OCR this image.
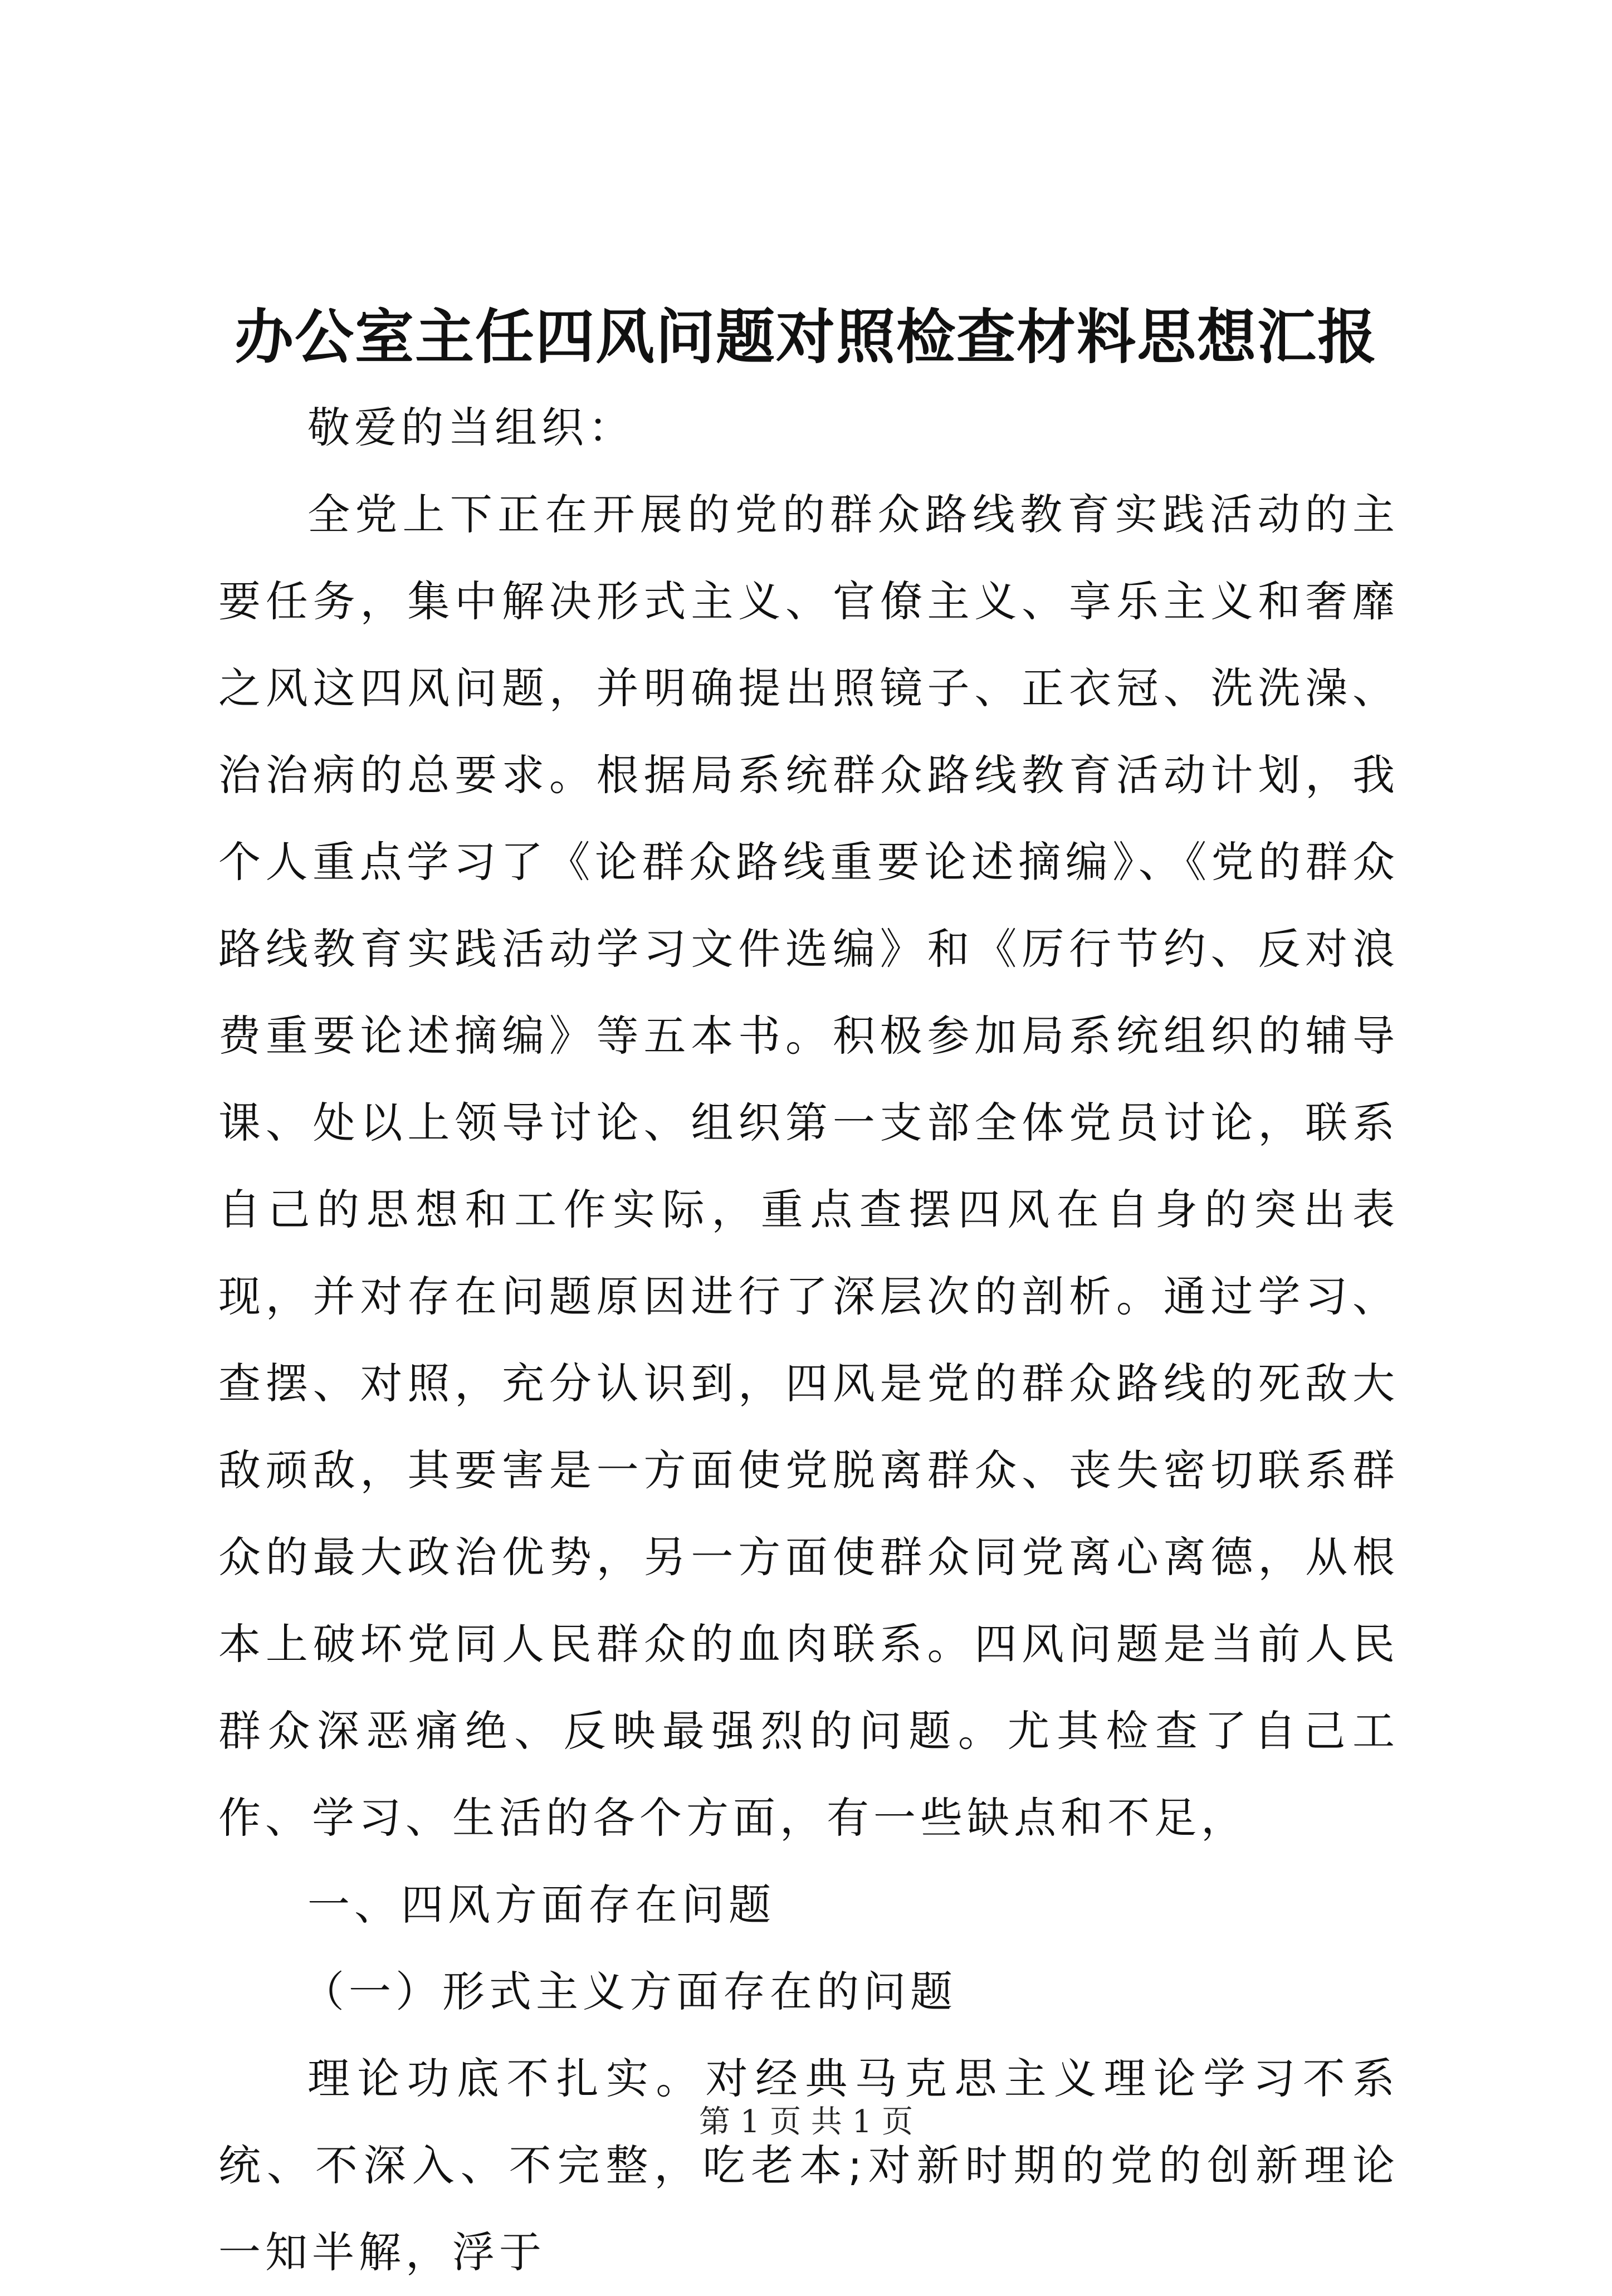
办公室主任四风问题对照检查材料思想汇报

敬爱的当组织：

全党上下正在开展的党的群众路线教育实践活动的主要任务，集中解决形式主义、官僚主义、享乐主义和奢靡之风这四风问题，并明确提出照镜子、正衣冠、洗洗澡、治治病的总要求。根据局系统群众路线教育活动计划，我个人重点学习了《论群众路线重要论述摘编》、《党的群众路线教育实践活动学习文件选编》和《厉行节约、反对浪费重要论述摘编》等五本书。积极参加局系统组织的辅导课、处以上领导讨论、组织第一支部全体党员讨论，联系自己的思想和工作实际，重点查摆四风在自身的突出表现，并对存在问题原因进行了深层次的剖析。通过学习、查摆、对照，充分认识到，四风是党的群众路线的死敌大敌顽敌，其要害是一方面使党脱离群众、丧失密切联系群众的最大政治优势，另一方面使群众同党离心离德，从根本上破坏党同人民群众的血肉联系。四风问题是当前人民群众深恶痛绝、反映最强烈的问题。尤其检查了自己工作、学习、生活的各个方面，有一些缺点和不足，

一、四风方面存在问题

（一）形式主义方面存在的问题

理论功底不扎实。对经典马克思主义理论学习不系统、不深入、不完整，吃老本;对新时期的党的创新理论一知半解，浮于

第 1 页 共 1 页
